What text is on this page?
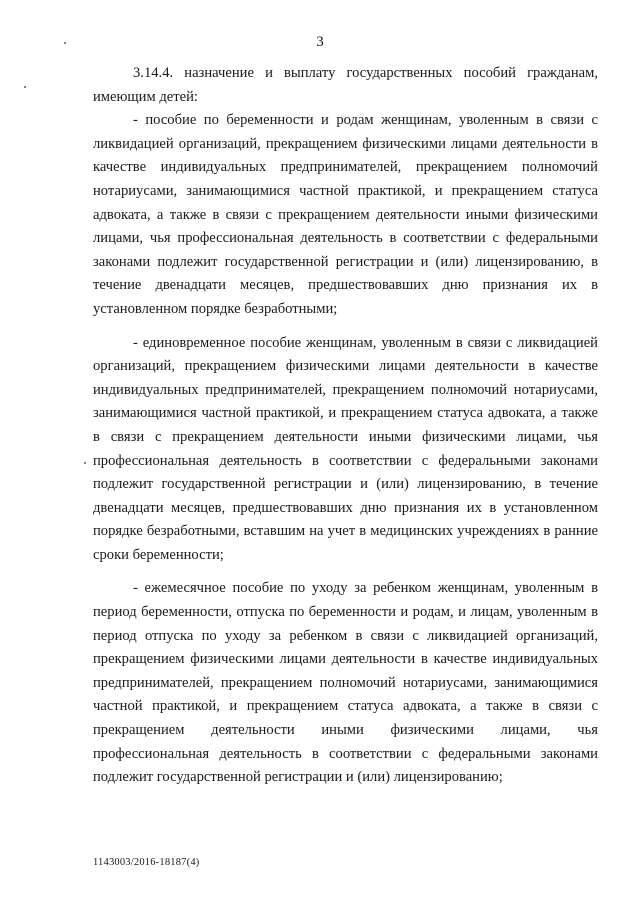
3

3.14.4. назначение и выплату государственных пособий гражданам, имеющим детей:

- пособие по беременности и родам женщинам, уволенным в связи с ликвидацией организаций, прекращением физическими лицами деятельности в качестве индивидуальных предпринимателей, прекращением полномочий нотариусами, занимающимися частной практикой, и прекращением статуса адвоката, а также в связи с прекращением деятельности иными физическими лицами, чья профессиональная деятельность в соответствии с федеральными законами подлежит государственной регистрации и (или) лицензированию, в течение двенадцати месяцев, предшествовавших дню признания их в установленном порядке безработными;

- единовременное пособие женщинам, уволенным в связи с ликвидацией организаций, прекращением физическими лицами деятельности в качестве индивидуальных предпринимателей, прекращением полномочий нотариусами, занимающимися частной практикой, и прекращением статуса адвоката, а также в связи с прекращением деятельности иными физическими лицами, чья профессиональная деятельность в соответствии с федеральными законами подлежит государственной регистрации и (или) лицензированию, в течение двенадцати месяцев, предшествовавших дню признания их в установленном порядке безработными, вставшим на учет в медицинских учреждениях в ранние сроки беременности;

- ежемесячное пособие по уходу за ребенком женщинам, уволенным в период беременности, отпуска по беременности и родам, и лицам, уволенным в период отпуска по уходу за ребенком в связи с ликвидацией организаций, прекращением физическими лицами деятельности в качестве индивидуальных предпринимателей, прекращением полномочий нотариусами, занимающимися частной практикой, и прекращением статуса адвоката, а также в связи с прекращением деятельности иными физическими лицами, чья профессиональная деятельность в соответствии с федеральными законами подлежит государственной регистрации и (или) лицензированию;

1143003/2016-18187(4)
